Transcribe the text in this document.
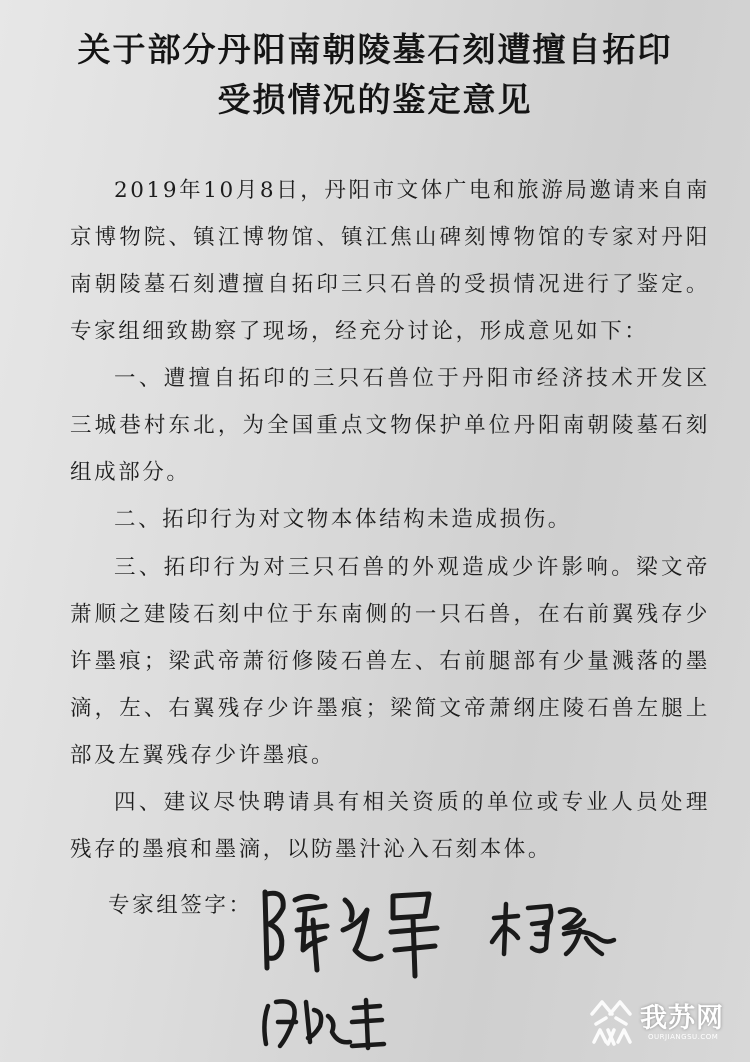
关于部分丹阳南朝陵墓石刻遭擅自拓印
受损情况的鉴定意见

2019年10月8日，丹阳市文体广电和旅游局邀请来自南京博物院、镇江博物馆、镇江焦山碑刻博物馆的专家对丹阳南朝陵墓石刻遭擅自拓印三只石兽的受损情况进行了鉴定。专家组细致勘察了现场，经充分讨论，形成意见如下：

一、遭擅自拓印的三只石兽位于丹阳市经济技术开发区三城巷村东北，为全国重点文物保护单位丹阳南朝陵墓石刻组成部分。

二、拓印行为对文物本体结构未造成损伤。

三、拓印行为对三只石兽的外观造成少许影响。梁文帝萧顺之建陵石刻中位于东南侧的一只石兽，在右前翼残存少许墨痕；梁武帝萧衍修陵石兽左、右前腿部有少量溅落的墨滴，左、右翼残存少许墨痕；梁简文帝萧纲庄陵石兽左腿上部及左翼残存少许墨痕。

四、建议尽快聘请具有相关资质的单位或专业人员处理残存的墨痕和墨滴，以防墨汁沁入石刻本体。

专家组签字：
我苏网
OURJIANGSU.COM
